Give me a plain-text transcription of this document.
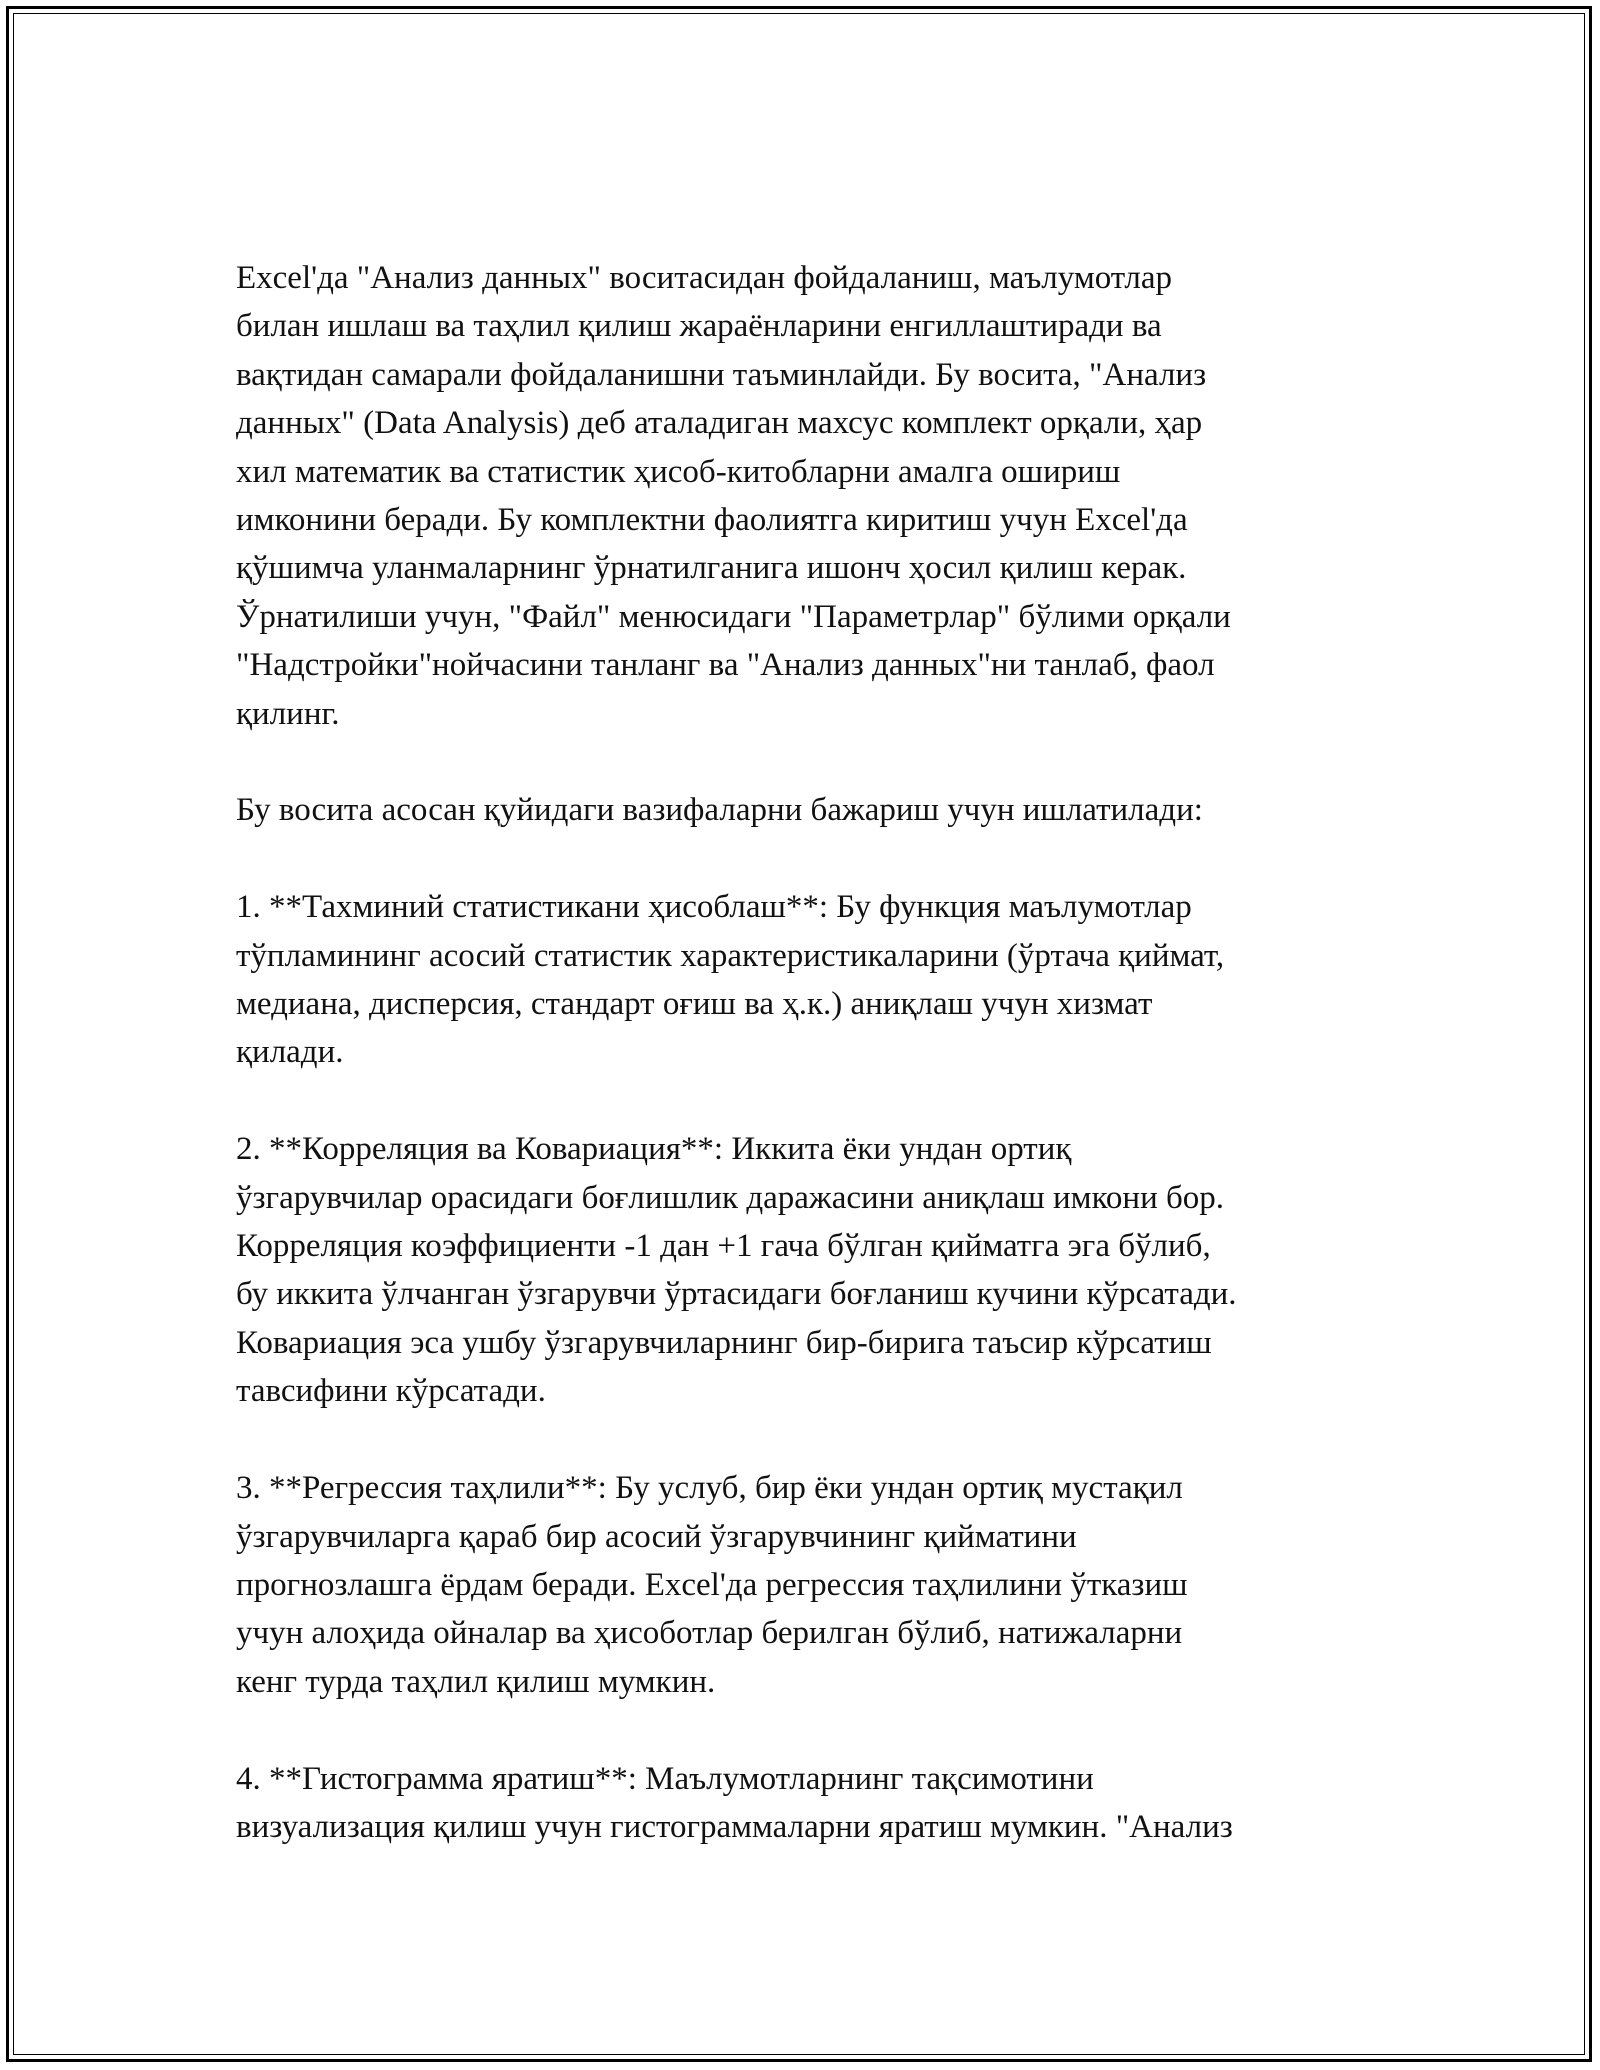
Excel'да "Анализ данных" воситасидан фойдаланиш, маълумотлар
билан ишлаш ва таҳлил қилиш жараёнларини енгиллаштиради ва
вақтидан самарали фойдаланишни таъминлайди. Бу восита, "Анализ
данных" (Data Analysis) деб аталадиган махсус комплект орқали, ҳар
хил математик ва статистик ҳисоб-китобларни амалга ошириш
имконини беради. Бу комплектни фаолиятга киритиш учун Excel'да
қўшимча уланмаларнинг ўрнатилганига ишонч ҳосил қилиш керак.
Ўрнатилиши учун, "Файл" менюсидаги "Параметрлар" бўлими орқали
"Надстройки"нойчасини танланг ва "Анализ данных"ни танлаб, фаол
қилинг.

Бу восита асосан қуйидаги вазифаларни бажариш учун ишлатилади:

1. **Тахминий статистикани ҳисоблаш**: Бу функция маълумотлар
тўпламининг асосий статистик характеристикаларини (ўртача қиймат,
медиана, дисперсия, стандарт оғиш ва ҳ.к.) аниқлаш учун хизмат
қилади.

2. **Корреляция ва Ковариация**: Иккита ёки ундан ортиқ
ўзгарувчилар орасидаги боғлишлик даражасини аниқлаш имкони бор.
Корреляция коэффициенти -1 дан +1 гача бўлган қийматга эга бўлиб,
бу иккита ўлчанган ўзгарувчи ўртасидаги боғланиш кучини кўрсатади.
Ковариация эса ушбу ўзгарувчиларнинг бир-бирига таъсир кўрсатиш
тавсифини кўрсатади.

3. **Регрессия таҳлили**: Бу услуб, бир ёки ундан ортиқ мустақил
ўзгарувчиларга қараб бир асосий ўзгарувчининг қийматини
прогнозлашга ёрдам беради. Excel'да регрессия таҳлилини ўтказиш
учун алоҳида ойналар ва ҳисоботлар берилган бўлиб, натижаларни
кенг турда таҳлил қилиш мумкин.

4. **Гистограмма яратиш**: Маълумотларнинг тақсимотини
визуализация қилиш учун гистограммаларни яратиш мумкин. "Анализ
